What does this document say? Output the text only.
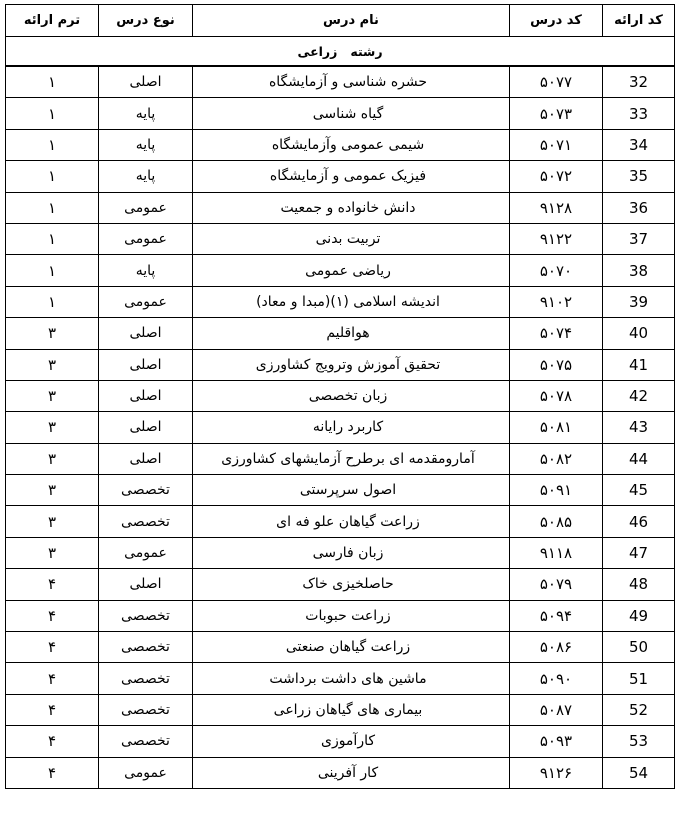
ترم ارائه	نوع درس	نام درس	کد درس	کد ارائه
رشته   زراعی				
۱	اصلی	حشره شناسی و آزمایشگاه	۵۰۷۷	32
۱	پایه	گیاه شناسی	۵۰۷۳	33
۱	پایه	شیمی عمومی وآزمایشگاه	۵۰۷۱	34
۱	پایه	فیزیک عمومی و آزمایشگاه	۵۰۷۲	35
۱	عمومی	دانش خانواده و جمعیت	۹۱۲۸	36
۱	عمومی	تربیت بدنی	۹۱۲۲	37
۱	پایه	ریاضی عمومی	۵۰۷۰	38
۱	عمومی	اندیشه اسلامی (۱)(مبدا و معاد)	۹۱۰۲	39
۳	اصلی	هواقلیم	۵۰۷۴	40
۳	اصلی	تحقیق آموزش وترویج کشاورزی	۵۰۷۵	41
۳	اصلی	زبان تخصصی	۵۰۷۸	42
۳	اصلی	کاربرد رایانه	۵۰۸۱	43
۳	اصلی	آمارومقدمه ای برطرح آزمایشهای کشاورزی	۵۰۸۲	44
۳	تخصصی	اصول سرپرستی	۵۰۹۱	45
۳	تخصصی	زراعت گیاهان علو فه ای	۵۰۸۵	46
۳	عمومی	زبان فارسی	۹۱۱۸	47
۴	اصلی	حاصلخیزی خاک	۵۰۷۹	48
۴	تخصصی	زراعت حبوبات	۵۰۹۴	49
۴	تخصصی	زراعت گیاهان صنعتی	۵۰۸۶	50
۴	تخصصی	ماشین های داشت برداشت	۵۰۹۰	51
۴	تخصصی	بیماری های گیاهان زراعی	۵۰۸۷	52
۴	تخصصی	کارآموزی	۵۰۹۳	53
۴	عمومی	کار آفرینی	۹۱۲۶	54
